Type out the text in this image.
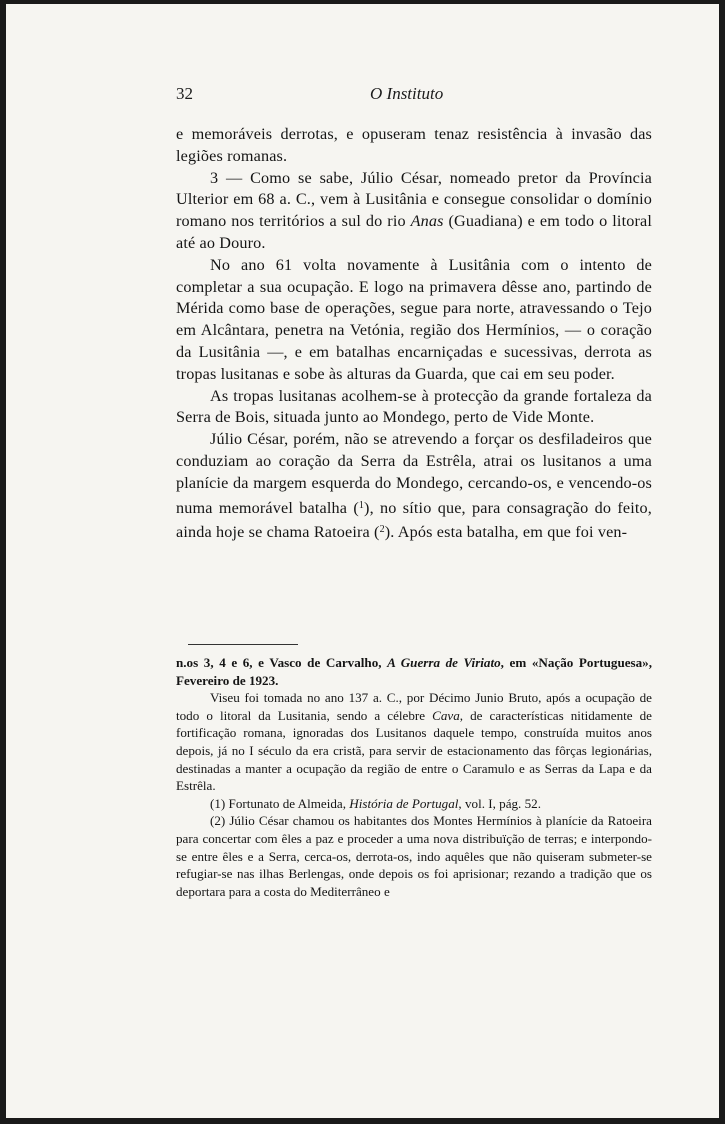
32	O Instituto

e memoráveis derrotas, e opuseram tenaz resistência à invasão das legiões romanas.

3 — Como se sabe, Júlio César, nomeado pretor da Província Ulterior em 68 a. C., vem à Lusitânia e consegue consolidar o domínio romano nos territórios a sul do rio Anas (Guadiana) e em todo o litoral até ao Douro.

No ano 61 volta novamente à Lusitânia com o intento de completar a sua ocupação. E logo na primavera dêsse ano, partindo de Mérida como base de operações, segue para norte, atravessando o Tejo em Alcântara, penetra na Vetónia, região dos Hermínios, — o coração da Lusitânia —, e em batalhas encarniçadas e sucessivas, derrota as tropas lusitanas e sobe às alturas da Guarda, que cai em seu poder.

As tropas lusitanas acolhem-se à protecção da grande fortaleza da Serra de Bois, situada junto ao Mondego, perto de Vide Monte.

Júlio César, porém, não se atrevendo a forçar os desfiladeiros que conduziam ao coração da Serra da Estrêla, atrai os lusitanos a uma planície da margem esquerda do Mondego, cercando-os, e vencendo-os numa memorável batalha ($^1$), no sítio que, para consagração do feito, ainda hoje se chama Ratoeira ($^2$). Após esta batalha, em que foi ven-

n.os 3, 4 e 6, e Vasco de Carvalho, A Guerra de Viriato, em «Nação Portuguesa», Fevereiro de 1923.

Viseu foi tomada no ano 137 a. C., por Décimo Junio Bruto, após a ocupação de todo o litoral da Lusitania, sendo a célebre Cava, de características nitidamente de fortificação romana, ignoradas dos Lusitanos daquele tempo, construída muitos anos depois, já no I século da era cristã, para servir de estacionamento das fôrças legionárias, destinadas a manter a ocupação da região de entre o Caramulo e as Serras da Lapa e da Estrêla.

(1) Fortunato de Almeida, História de Portugal, vol. I, pág. 52.

(2) Júlio César chamou os habitantes dos Montes Hermínios à planície da Ratoeira para concertar com êles a paz e proceder a uma nova distribuïção de terras; e interpondo-se entre êles e a Serra, cerca-os, derrota-os, indo aquêles que não quiseram submeter-se refugiar-se nas ilhas Berlengas, onde depois os foi aprisionar; rezando a tradição que os deportara para a costa do Mediterrâneo e
